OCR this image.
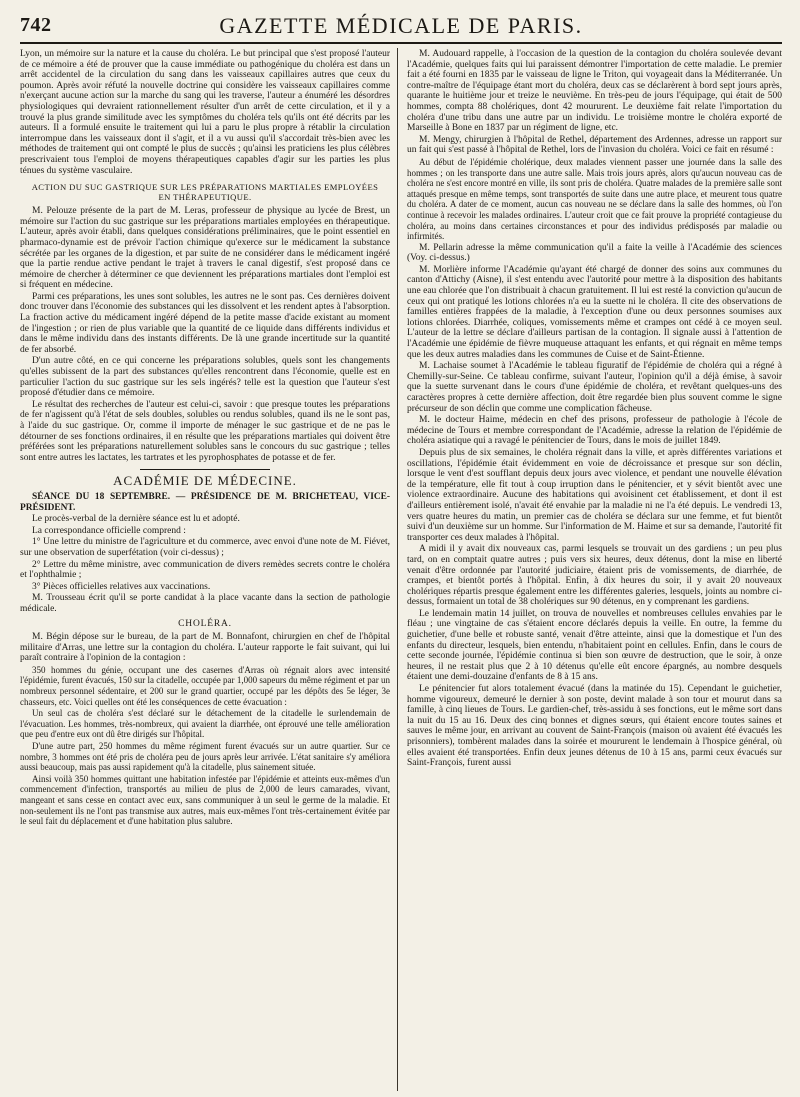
742	GAZETTE MÉDICALE DE PARIS.

Lyon, un mémoire sur la nature et la cause du choléra. Le but principal que s'est proposé l'auteur de ce mémoire a été de prouver que la cause immédiate ou pathogénique du choléra est dans un arrêt accidentel de la circulation du sang dans les vaisseaux capillaires autres que ceux du poumon. Après avoir réfuté la nouvelle doctrine qui considère les vaisseaux capillaires comme n'exerçant aucune action sur la marche du sang qui les traverse, l'auteur a énuméré les désordres physiologiques qui devraient rationnellement résulter d'un arrêt de cette circulation, et il y a trouvé la plus grande similitude avec les symptômes du choléra tels qu'ils ont été décrits par les auteurs. Il a formulé ensuite le traitement qui lui a paru le plus propre à rétablir la circulation interrompue dans les vaisseaux dont il s'agit, et il a vu aussi qu'il s'accordait très-bien avec les méthodes de traitement qui ont compté le plus de succès ; qu'ainsi les praticiens les plus célèbres prescrivaient tous l'emploi de moyens thérapeutiques capables d'agir sur les parties les plus ténues du système vasculaire.

ACTION DU SUC GASTRIQUE SUR LES PRÉPARATIONS MARTIALES EMPLOYÉES EN THÉRAPEUTIQUE.

M. Pelouze présente de la part de M. Leras, professeur de physique au lycée de Brest, un mémoire sur l'action du suc gastrique sur les préparations martiales employées en thérapeutique. L'auteur, après avoir établi, dans quelques considérations préliminaires, que le point essentiel en pharmaco-dynamie est de prévoir l'action chimique qu'exerce sur le médicament la substance sécrétée par les organes de la digestion, et par suite de ne considérer dans le médicament ingéré que la partie rendue active pendant le trajet à travers le canal digestif, s'est proposé dans ce mémoire de chercher à déterminer ce que deviennent les préparations martiales dont l'emploi est si fréquent en médecine.

Parmi ces préparations, les unes sont solubles, les autres ne le sont pas. Ces dernières doivent donc trouver dans l'économie des substances qui les dissolvent et les rendent aptes à l'absorption. La fraction active du médicament ingéré dépend de la petite masse d'acide existant au moment de l'ingestion ; or rien de plus variable que la quantité de ce liquide dans différents individus et dans le même individu dans des instants différents. De là une grande incertitude sur la quantité de fer absorbé.

D'un autre côté, en ce qui concerne les préparations solubles, quels sont les changements qu'elles subissent de la part des substances qu'elles rencontrent dans l'économie, quelle est en particulier l'action du suc gastrique sur les sels ingérés? telle est la question que l'auteur s'est proposé d'étudier dans ce mémoire.

Le résultat des recherches de l'auteur est celui-ci, savoir : que presque toutes les préparations de fer n'agissent qu'à l'état de sels doubles, solubles ou rendus solubles, quand ils ne le sont pas, à l'aide du suc gastrique. Or, comme il importe de ménager le suc gastrique et de ne pas le détourner de ses fonctions ordinaires, il en résulte que les préparations martiales qui doivent être préférées sont les préparations naturellement solubles sans le concours du suc gastrique ; telles sont entre autres les lactates, les tartrates et les pyrophosphates de potasse et de fer.

ACADÉMIE DE MÉDECINE.

SÉANCE DU 18 SEPTEMBRE. — PRÉSIDENCE DE M. BRICHETEAU, VICE-PRÉSIDENT.

Le procès-verbal de la dernière séance est lu et adopté.

La correspondance officielle comprend :

1° Une lettre du ministre de l'agriculture et du commerce, avec envoi d'une note de M. Fiévet, sur une observation de superfétation (voir ci-dessus) ;

2° Lettre du même ministre, avec communication de divers remèdes secrets contre le choléra et l'ophthalmie ;

3° Pièces officielles relatives aux vaccinations.

M. Trousseau écrit qu'il se porte candidat à la place vacante dans la section de pathologie médicale.

CHOLÉRA.

M. Bégin dépose sur le bureau, de la part de M. Bonnafont, chirurgien en chef de l'hôpital militaire d'Arras, une lettre sur la contagion du choléra. L'auteur rapporte le fait suivant, qui lui paraît contraire à l'opinion de la contagion :

350 hommes du génie, occupant une des casernes d'Arras où régnait alors avec intensité l'épidémie, furent évacués, 150 sur la citadelle, occupée par 1,000 sapeurs du même régiment et par un nombreux personnel sédentaire, et 200 sur le grand quartier, occupé par les dépôts des 5e léger, 3e chasseurs, etc. Voici quelles ont été les conséquences de cette évacuation :

Un seul cas de choléra s'est déclaré sur le détachement de la citadelle le surlendemain de l'évacuation. Les hommes, très-nombreux, qui avaient la diarrhée, ont éprouvé une telle amélioration que peu d'entre eux ont dû être dirigés sur l'hôpital.

D'une autre part, 250 hommes du même régiment furent évacués sur un autre quartier. Sur ce nombre, 3 hommes ont été pris de choléra peu de jours après leur arrivée. L'état sanitaire s'y améliora aussi beaucoup, mais pas aussi rapidement qu'à la citadelle, plus sainement située.

Ainsi voilà 350 hommes quittant une habitation infestée par l'épidémie et atteints eux-mêmes d'un commencement d'infection, transportés au milieu de plus de 2,000 de leurs camarades, vivant, mangeant et sans cesse en contact avec eux, sans communiquer à un seul le germe de la maladie. Et non-seulement ils ne l'ont pas transmise aux autres, mais eux-mêmes l'ont très-certainement évitée par le seul fait du déplacement et d'une habitation plus salubre.

M. Audouard rappelle, à l'occasion de la question de la contagion du choléra soulevée devant l'Académie, quelques faits qui lui paraissent démontrer l'importation de cette maladie. Le premier fait a été fourni en 1835 par le vaisseau de ligne le Triton, qui voyageait dans la Méditerranée. Un contre-maître de l'équipage étant mort du choléra, deux cas se déclarèrent à bord sept jours après, quarante le huitième jour et treize le neuvième. En très-peu de jours l'équipage, qui était de 500 hommes, compta 88 cholériques, dont 42 moururent. Le deuxième fait relate l'importation du choléra d'une tribu dans une autre par un individu. Le troisième montre le choléra exporté de Marseille à Bone en 1837 par un régiment de ligne, etc.

M. Mengy, chirurgien à l'hôpital de Rethel, département des Ardennes, adresse un rapport sur un fait qui s'est passé à l'hôpital de Rethel, lors de l'invasion du choléra. Voici ce fait en résumé :

Au début de l'épidémie cholérique, deux malades viennent passer une journée dans la salle des hommes ; on les transporte dans une autre salle. Mais trois jours après, alors qu'aucun nouveau cas de choléra ne s'est encore montré en ville, ils sont pris de choléra. Quatre malades de la première salle sont attaqués presque en même temps, sont transportés de suite dans une autre place, et meurent tous quatre du choléra. A dater de ce moment, aucun cas nouveau ne se déclare dans la salle des hommes, où l'on continue à recevoir les malades ordinaires. L'auteur croit que ce fait prouve la propriété contagieuse du choléra, au moins dans certaines circonstances et pour des individus prédisposés par maladie ou infirmités.

M. Pellarin adresse la même communication qu'il a faite la veille à l'Académie des sciences (Voy. ci-dessus.)

M. Morlière informe l'Académie qu'ayant été chargé de donner des soins aux communes du canton d'Attichy (Aisne), il s'est entendu avec l'autorité pour mettre à la disposition des habitants une eau chlorée que l'on distribuait à chacun gratuitement. Il lui est resté la conviction qu'aucun de ceux qui ont pratiqué les lotions chlorées n'a eu la suette ni le choléra. Il cite des observations de familles entières frappées de la maladie, à l'exception d'une ou deux personnes soumises aux lotions chlorées. Diarrhée, coliques, vomissements même et crampes ont cédé à ce moyen seul. L'auteur de la lettre se déclare d'ailleurs partisan de la contagion. Il signale aussi à l'attention de l'Académie une épidémie de fièvre muqueuse attaquant les enfants, et qui régnait en même temps que les deux autres maladies dans les communes de Cuise et de Saint-Étienne.

M. Lachaise soumet à l'Académie le tableau figuratif de l'épidémie de choléra qui a régné à Chemilly-sur-Seine. Ce tableau confirme, suivant l'auteur, l'opinion qu'il a déjà émise, à savoir que la suette survenant dans le cours d'une épidémie de choléra, et revêtant quelques-uns des caractères propres à cette dernière affection, doit être regardée bien plus souvent comme le signe précurseur de son déclin que comme une complication fâcheuse.

M. le docteur Haime, médecin en chef des prisons, professeur de pathologie à l'école de médecine de Tours et membre correspondant de l'Académie, adresse la relation de l'épidémie de choléra asiatique qui a ravagé le pénitencier de Tours, dans le mois de juillet 1849.

Depuis plus de six semaines, le choléra régnait dans la ville, et après différentes variations et oscillations, l'épidémie était évidemment en voie de décroissance et presque sur son déclin, lorsque le vent d'est soufflant depuis deux jours avec violence, et pendant une nouvelle élévation de la température, elle fit tout à coup irruption dans le pénitencier, et y sévit bientôt avec une violence extraordinaire. Aucune des habitations qui avoisinent cet établissement, et dont il est d'ailleurs entièrement isolé, n'avait été envahie par la maladie ni ne l'a été depuis. Le vendredi 13, vers quatre heures du matin, un premier cas de choléra se déclara sur une femme, et fut bientôt suivi d'un deuxième sur un homme. Sur l'information de M. Haime et sur sa demande, l'autorité fit transporter ces deux malades à l'hôpital.

A midi il y avait dix nouveaux cas, parmi lesquels se trouvait un des gardiens ; un peu plus tard, on en comptait quatre autres ; puis vers six heures, deux détenus, dont la mise en liberté venait d'être ordonnée par l'autorité judiciaire, étaient pris de vomissements, de diarrhée, de crampes, et bientôt portés à l'hôpital. Enfin, à dix heures du soir, il y avait 20 nouveaux cholériques répartis presque également entre les différentes galeries, lesquels, joints au nombre ci-dessus, formaient un total de 38 cholériques sur 90 détenus, en y comprenant les gardiens.

Le lendemain matin 14 juillet, on trouva de nouvelles et nombreuses cellules envahies par le fléau ; une vingtaine de cas s'étaient encore déclarés depuis la veille. En outre, la femme du guichetier, d'une belle et robuste santé, venait d'être atteinte, ainsi que la domestique et l'un des enfants du directeur, lesquels, bien entendu, n'habitaient point en cellules. Enfin, dans le cours de cette seconde journée, l'épidémie continua si bien son œuvre de destruction, que le soir, à onze heures, il ne restait plus que 2 à 10 détenus qu'elle eût encore épargnés, au nombre desquels étaient une demi-douzaine d'enfants de 8 à 15 ans.

Le pénitencier fut alors totalement évacué (dans la matinée du 15). Cependant le guichetier, homme vigoureux, demeuré le dernier à son poste, devint malade à son tour et mourut dans sa famille, à cinq lieues de Tours. Le gardien-chef, très-assidu à ses fonctions, eut le même sort dans la nuit du 15 au 16. Deux des cinq bonnes et dignes sœurs, qui étaient encore toutes saines et sauves le même jour, en arrivant au couvent de Saint-François (maison où avaient été évacués les prisonniers), tombèrent malades dans la soirée et moururent le lendemain à l'hospice général, où elles avaient été transportées. Enfin deux jeunes détenus de 10 à 15 ans, parmi ceux évacués sur Saint-François, furent aussi
